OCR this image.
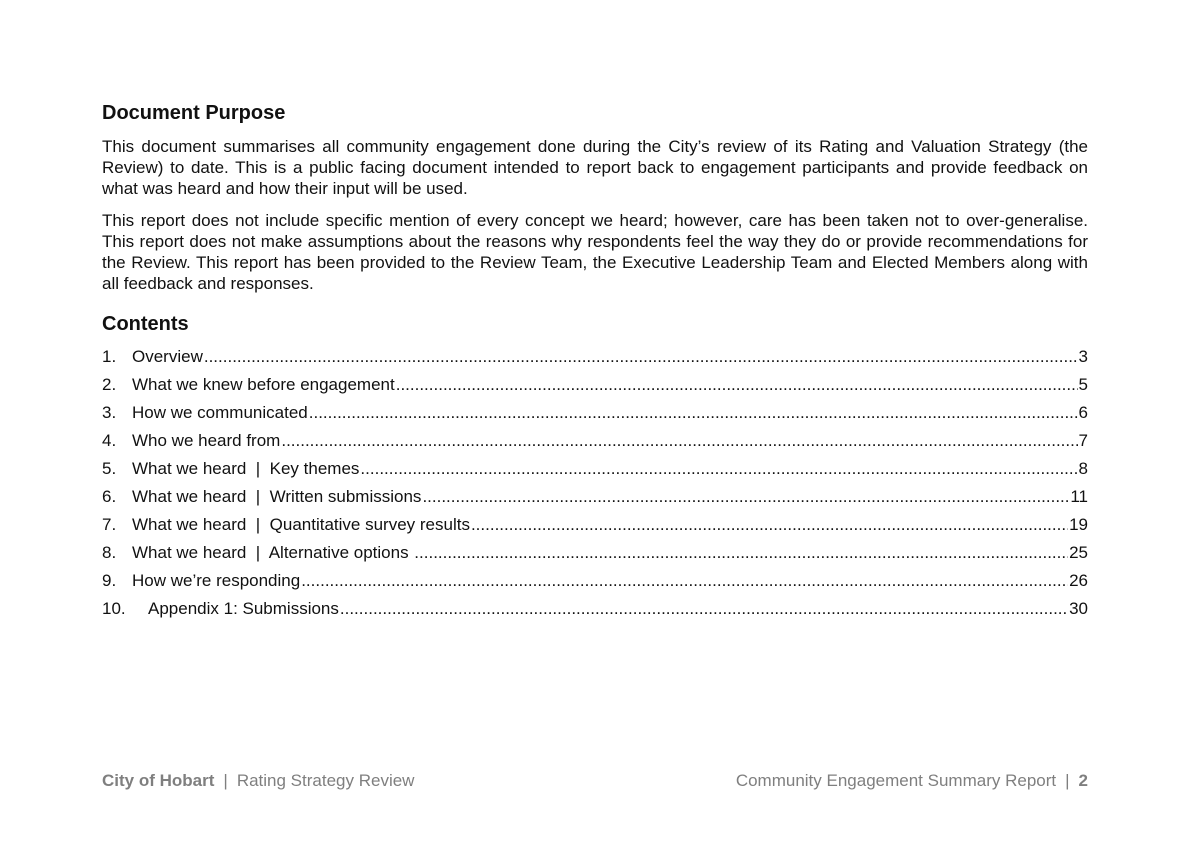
Document Purpose

This document summarises all community engagement done during the City’s review of its Rating and Valuation Strategy (the Review) to date. This is a public facing document intended to report back to engagement participants and provide feedback on what was heard and how their input will be used.

This report does not include specific mention of every concept we heard; however, care has been taken not to over-generalise. This report does not make assumptions about the reasons why respondents feel the way they do or provide recommendations for the Review. This report has been provided to the Review Team, the Executive Leadership Team and Elected Members along with all feedback and responses.

Contents
1. Overview .....	3
2. What we knew before engagement .....	5
3. How we communicated .....	6
4. Who we heard from .....	7
5. What we heard  |  Key themes .....	8
6. What we heard  |  Written submissions .....	11
7. What we heard  |  Quantitative survey results .....	19
8. What we heard  |  Alternative options .....	25
9. How we’re responding .....	26
10.	Appendix 1: Submissions .....	30
City of Hobart | Rating Strategy Review	Community Engagement Summary Report | 2
